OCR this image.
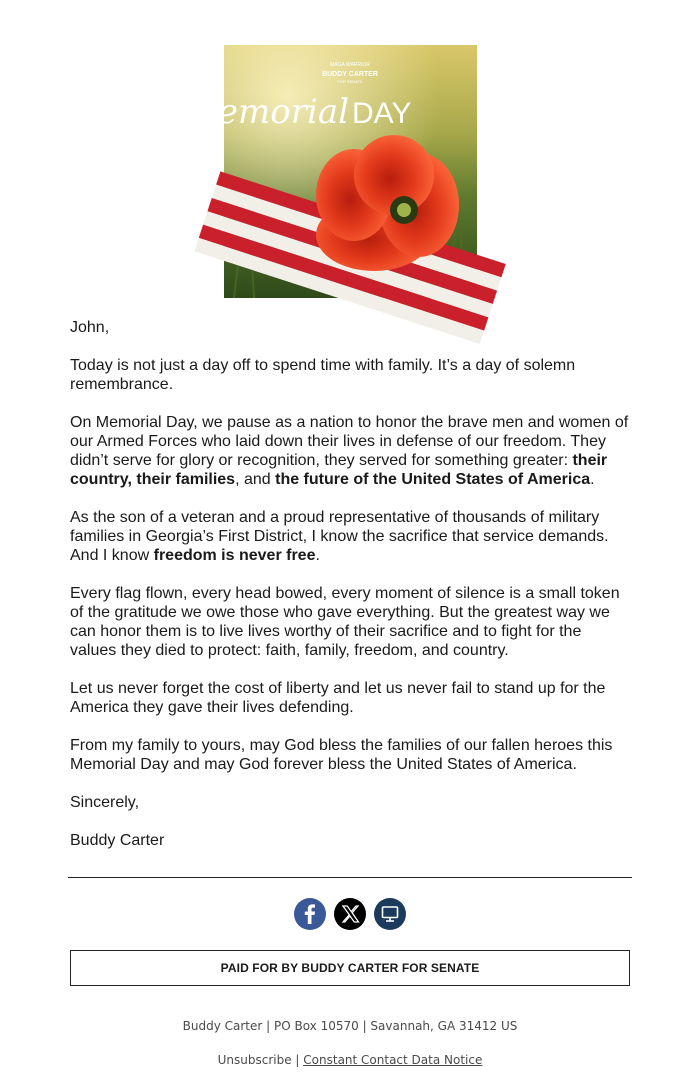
MAGA WARRIOR
BUDDY CARTER
FOR SENATE
Memorial DAY

John,

Today is not just a day off to spend time with family. It’s a day of solemn remembrance.

On Memorial Day, we pause as a nation to honor the brave men and women of our Armed Forces who laid down their lives in defense of our freedom. They didn’t serve for glory or recognition, they served for something greater: their country, their families, and the future of the United States of America.

As the son of a veteran and a proud representative of thousands of military families in Georgia’s First District, I know the sacrifice that service demands. And I know freedom is never free.

Every flag flown, every head bowed, every moment of silence is a small token of the gratitude we owe those who gave everything. But the greatest way we can honor them is to live lives worthy of their sacrifice and to fight for the values they died to protect: faith, family, freedom, and country.

Let us never forget the cost of liberty and let us never fail to stand up for the America they gave their lives defending.

From my family to yours, may God bless the families of our fallen heroes this Memorial Day and may God forever bless the United States of America.

Sincerely,

Buddy Carter

PAID FOR BY BUDDY CARTER FOR SENATE
Buddy Carter | PO Box 10570 | Savannah, GA 31412 US
Unsubscribe | Constant Contact Data Notice
